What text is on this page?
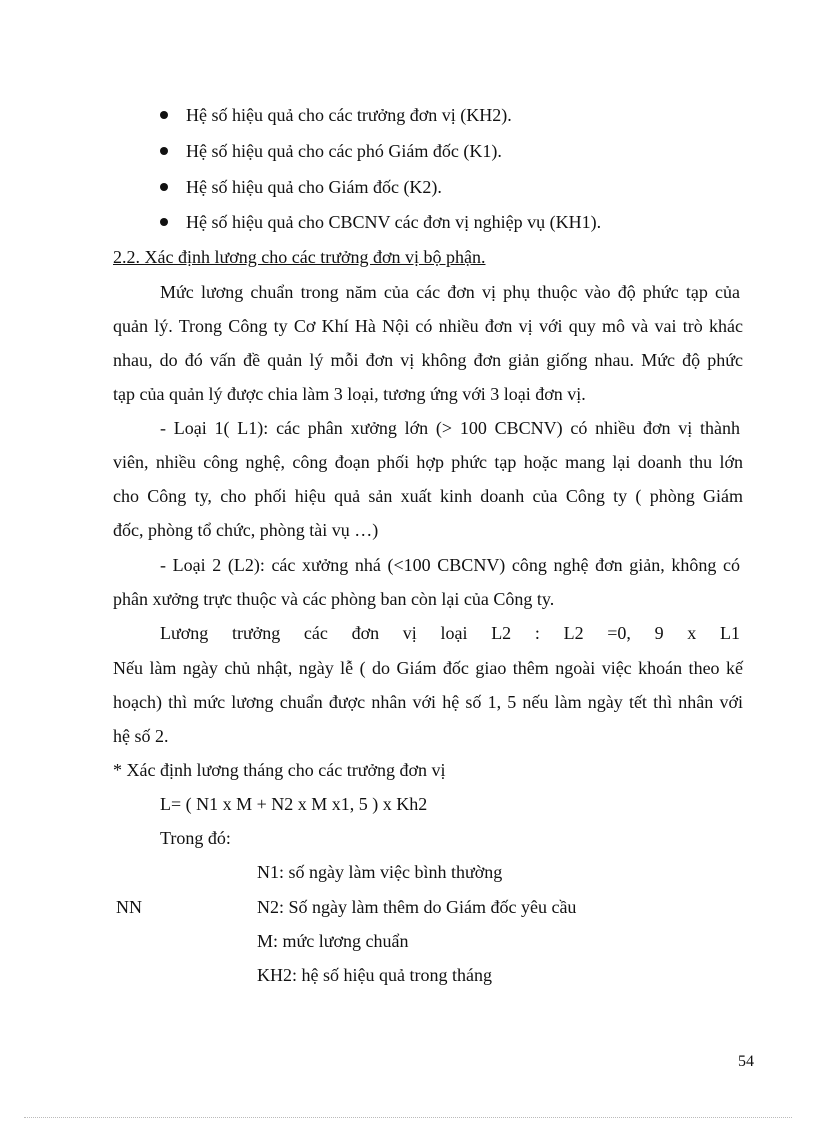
Hệ số hiệu quả cho các trưởng đơn vị (KH2).
Hệ số hiệu quả cho các phó Giám đốc (K1).
Hệ số hiệu quả cho Giám đốc (K2).
Hệ số hiệu quả cho CBCNV các đơn vị nghiệp vụ (KH1).
2.2. Xác định lương cho các trưởng đơn vị bộ phận.
Mức lương chuẩn trong năm của các đơn vị phụ thuộc vào độ phức tạp của
quản lý. Trong Công ty Cơ Khí Hà Nội có nhiều đơn vị với quy mô và vai trò khác
nhau, do đó vấn đề quản lý mỗi đơn vị không đơn giản giống nhau. Mức độ phức
tạp của quản lý được chia làm 3 loại, tương ứng với 3 loại đơn vị.
- Loại 1( L1): các phân xưởng lớn (> 100 CBCNV) có nhiều đơn vị thành
viên, nhiều công nghệ, công đoạn phối hợp phức tạp hoặc mang lại doanh thu lớn
cho Công ty, cho phối hiệu quả sản xuất kinh doanh của Công ty ( phòng Giám
đốc, phòng tổ chức, phòng tài vụ …)
- Loại 2 (L2): các xưởng nhá (<100 CBCNV) công nghệ đơn giản, không có
phân xưởng trực thuộc và các phòng ban còn lại của Công ty.
Lương trưởng các đơn vị loại L2 : L2 =0, 9 x L1
Nếu làm ngày chủ nhật, ngày lễ ( do Giám đốc giao thêm ngoài việc khoán theo kế
hoạch) thì mức lương chuẩn được nhân với hệ số 1, 5 nếu làm ngày tết thì nhân với
hệ số 2.
* Xác định lương tháng cho các trưởng đơn vị
L= ( N1 x M + N2 x M x1, 5 ) x Kh2
Trong đó:
N1: số ngày làm việc bình thường
NN	N2: Số ngày làm thêm do Giám đốc yêu cầu
M: mức lương chuẩn
KH2: hệ số hiệu quả trong tháng
54
